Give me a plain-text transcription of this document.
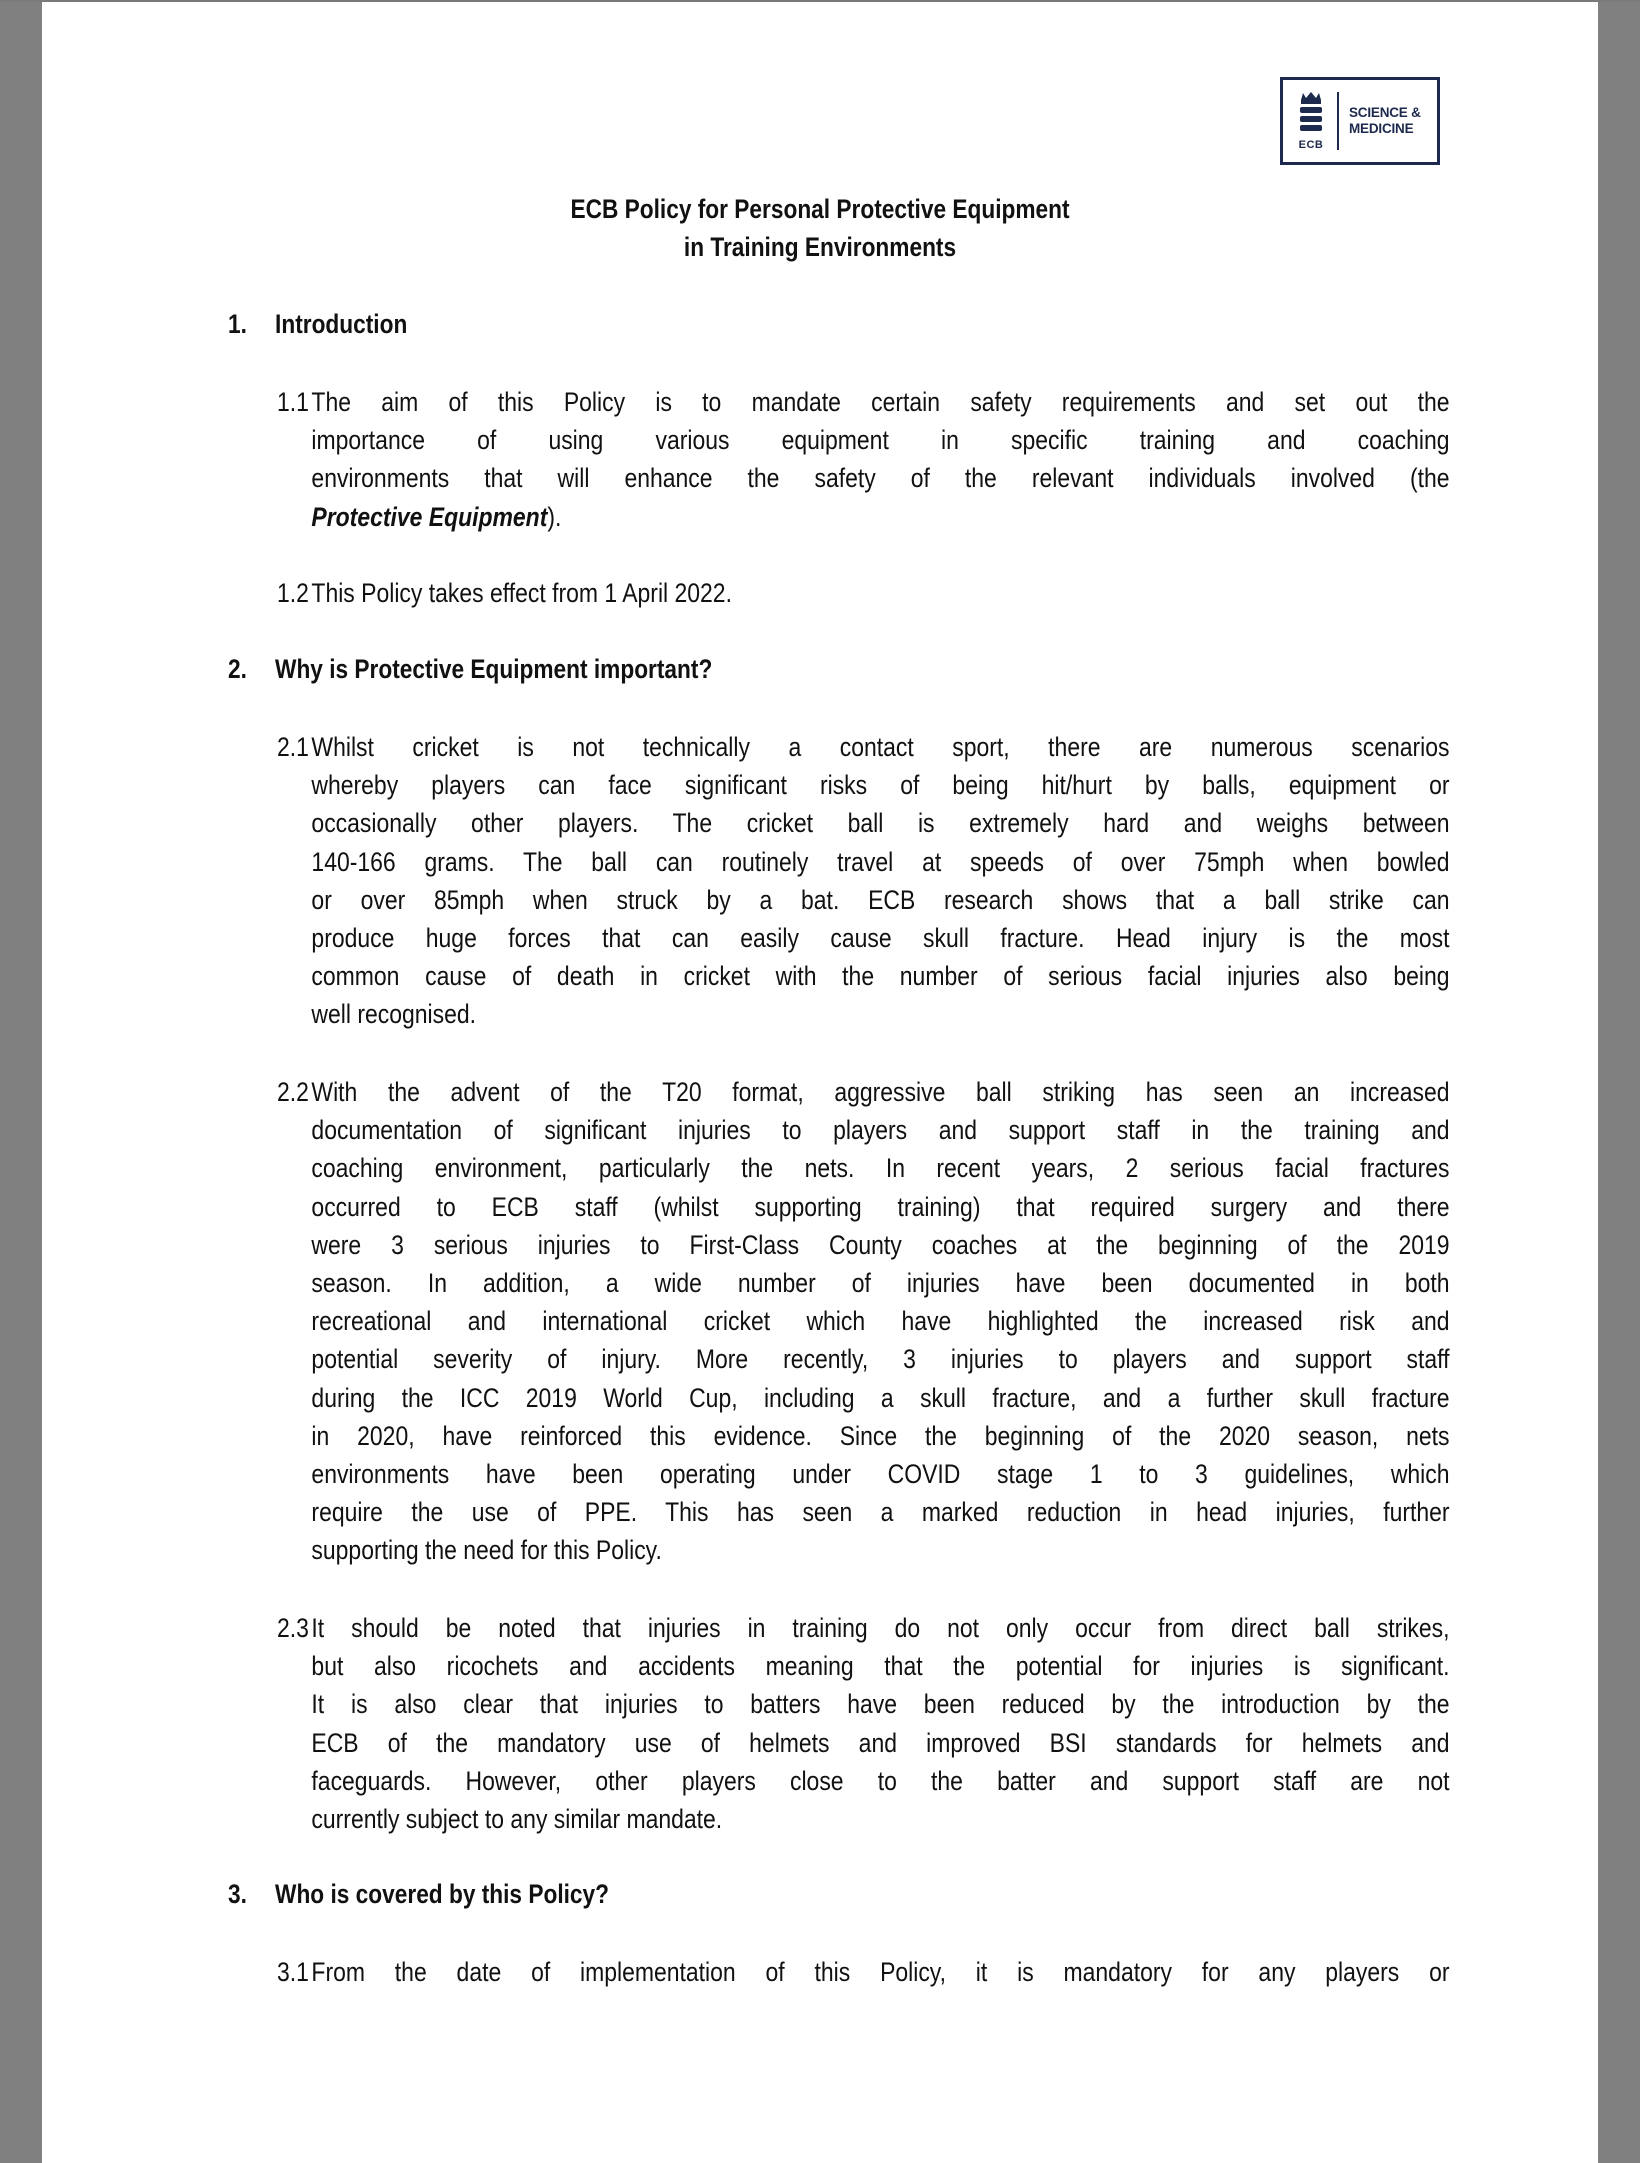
ECB
SCIENCE &
MEDICINE
ECB Policy for Personal Protective Equipment
in Training Environments
1. Introduction
1.1 The aim of this Policy is to mandate certain safety requirements and set out the
importance of using various equipment in specific training and coaching
environments that will enhance the safety of the relevant individuals involved (the
Protective Equipment).
1.2 This Policy takes effect from 1 April 2022.
2. Why is Protective Equipment important?
2.1 Whilst cricket is not technically a contact sport, there are numerous scenarios
whereby players can face significant risks of being hit/hurt by balls, equipment or
occasionally other players. The cricket ball is extremely hard and weighs between
140-166 grams. The ball can routinely travel at speeds of over 75mph when bowled
or over 85mph when struck by a bat. ECB research shows that a ball strike can
produce huge forces that can easily cause skull fracture. Head injury is the most
common cause of death in cricket with the number of serious facial injuries also being
well recognised.
2.2 With the advent of the T20 format, aggressive ball striking has seen an increased
documentation of significant injuries to players and support staff in the training and
coaching environment, particularly the nets. In recent years, 2 serious facial fractures
occurred to ECB staff (whilst supporting training) that required surgery and there
were 3 serious injuries to First-Class County coaches at the beginning of the 2019
season. In addition, a wide number of injuries have been documented in both
recreational and international cricket which have highlighted the increased risk and
potential severity of injury. More recently, 3 injuries to players and support staff
during the ICC 2019 World Cup, including a skull fracture, and a further skull fracture
in 2020, have reinforced this evidence. Since the beginning of the 2020 season, nets
environments have been operating under COVID stage 1 to 3 guidelines, which
require the use of PPE. This has seen a marked reduction in head injuries, further
supporting the need for this Policy.
2.3 It should be noted that injuries in training do not only occur from direct ball strikes,
but also ricochets and accidents meaning that the potential for injuries is significant.
It is also clear that injuries to batters have been reduced by the introduction by the
ECB of the mandatory use of helmets and improved BSI standards for helmets and
faceguards. However, other players close to the batter and support staff are not
currently subject to any similar mandate.
3. Who is covered by this Policy?
3.1 From the date of implementation of this Policy, it is mandatory for any players or
